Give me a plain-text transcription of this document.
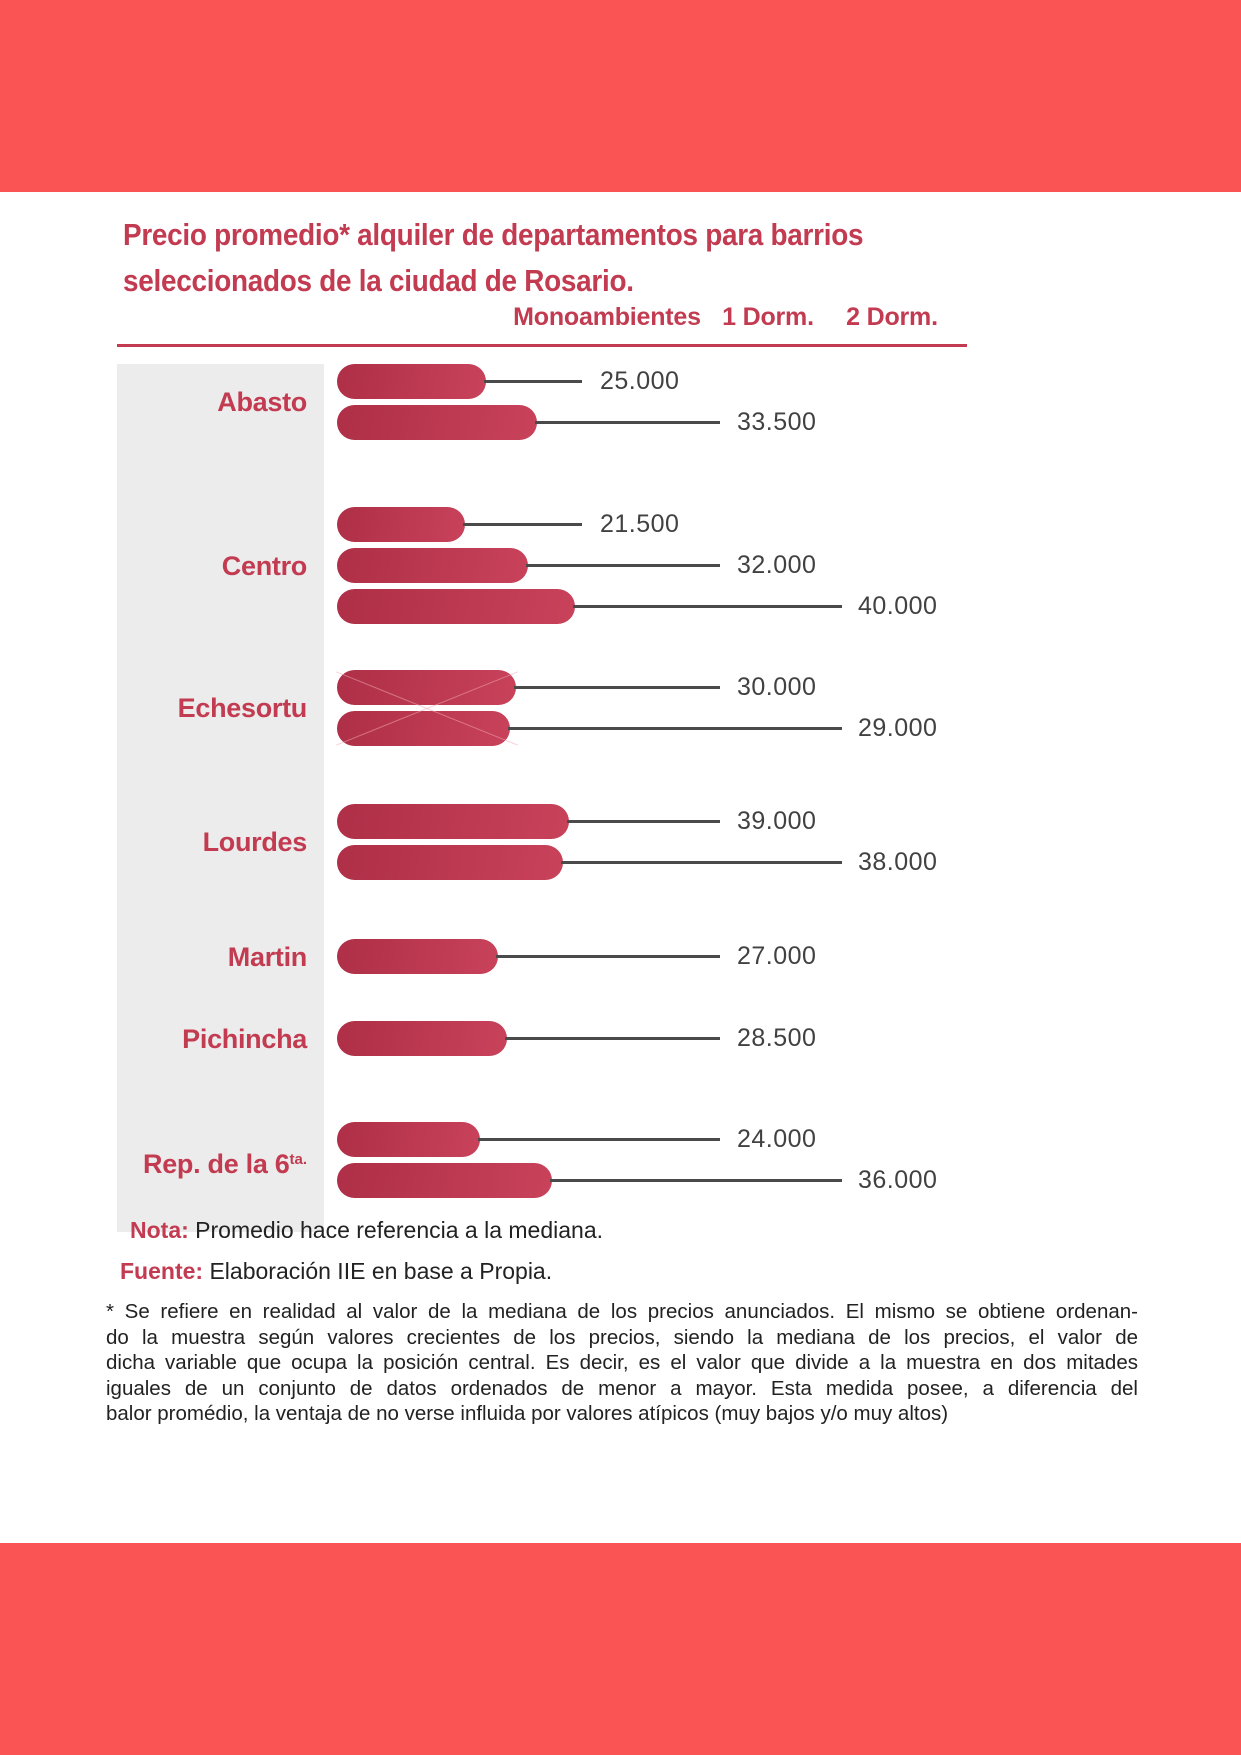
Precio promedio* alquiler de departamentos para barrios
seleccionados de la ciudad de Rosario.
Monoambientes 1 Dorm. 2 Dorm.
Abasto
25.000
33.500
Centro
21.500
32.000
40.000
Echesortu
30.000
29.000
Lourdes
39.000
38.000
Martin	27.000
Pichincha	28.500
Rep. de la $6^{ta.}$
24.000
36.000
Nota: Promedio hace referencia a la mediana.
Fuente: Elaboración IIE en base a Propia.
* Se refiere en realidad al valor de la mediana de los precios anunciados. El mismo se obtiene ordenan-
do la muestra según valores crecientes de los precios, siendo la mediana de los precios, el valor de
dicha variable que ocupa la posición central. Es decir, es el valor que divide a la muestra en dos mitades
iguales de un conjunto de datos ordenados de menor a mayor. Esta medida posee, a diferencia del
balor promédio, la ventaja de no verse influida por valores atípicos (muy bajos y/o muy altos)
